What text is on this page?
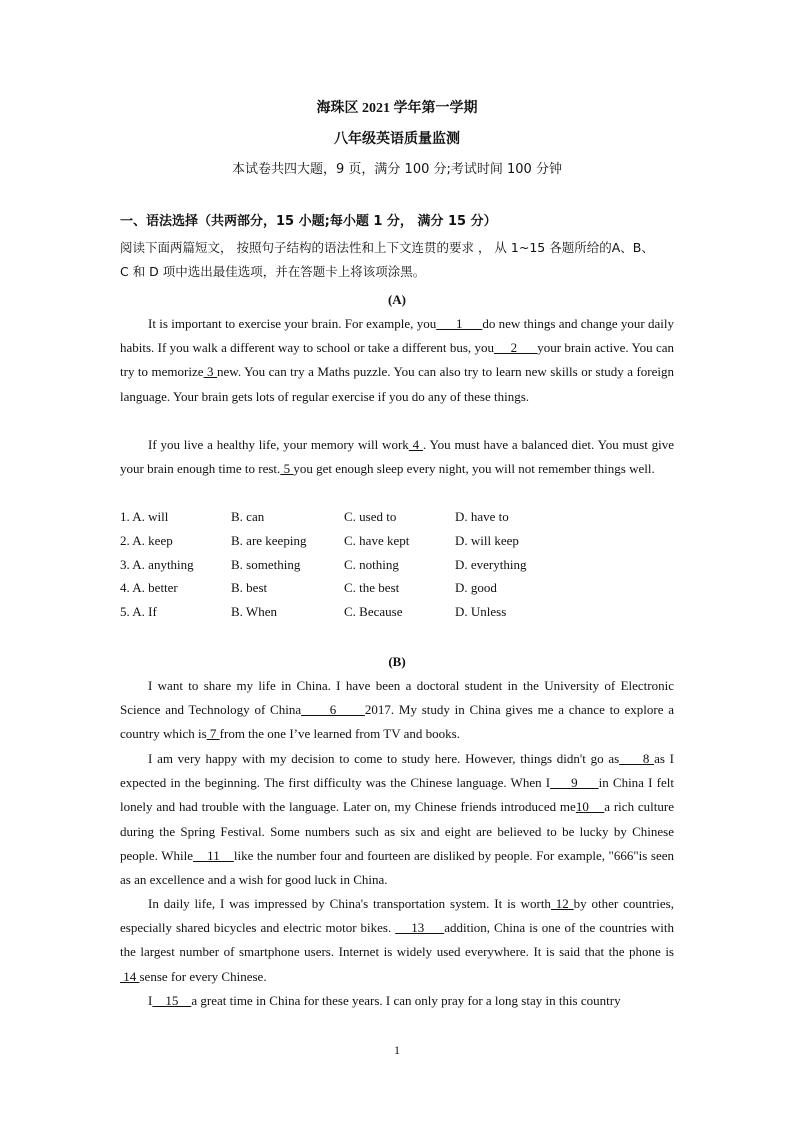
海珠区 2021 学年第一学期
八年级英语质量监测
本试卷共四大题，9 页，满分 100 分;考试时间 100 分钟
一、语法选择（共两部分，15 小题;每小题 1 分， 满分 15 分）
阅读下面两篇短文， 按照句子结构的语法性和上下文连贯的要求 ， 从 1~15 各题所给的A、B、
C 和 D 项中选出最佳选项，并在答题卡上将该项涂黑。
(A)

It is important to exercise your brain. For example, you      1      do new things and change your daily habits. If you walk a different way to school or take a different bus, you     2      your brain active. You can try to memorize 3 new. You can try a Maths puzzle. You can also try to learn new skills or study a foreign language. Your brain gets lots of regular exercise if you do any of these things.

If you live a healthy life, your memory will work 4 . You must have a balanced diet. You must give your brain enough time to rest. 5 you get enough sleep every night, you will not remember things well.

1. A. will	B. can	C. used to	D. have to
2. A. keep	B. are keeping	C. have kept	D. will keep
3. A. anything	B. something	C. nothing	D. everything
4. A. better	B. best	C. the best	D. good
5. A. If	B. When	C. Because	D. Unless
(B)

I want to share my life in China. I have been a doctoral student in the University of Electronic Science and Technology of China      6      2017. My study in China gives me a chance to explore a country which is 7 from the one I’ve learned from TV and books.

I am very happy with my decision to come to study here. However, things didn't go as     8 as I expected in the beginning. The first difficulty was the Chinese language. When I     9     in China I felt lonely and had trouble with the language. Later on, my Chinese friends introduced me10    a rich culture during the Spring Festival. Some numbers such as six and eight are believed to be lucky by Chinese people. While    11    like the number four and fourteen are disliked by people. For example, "666"is seen as an excellence and a wish for good luck in China.

In daily life, I was impressed by China's transportation system. It is worth 12 by other countries, especially shared bicycles and electric motor bikes.     13     addition, China is one of the countries with the largest number of smartphone users. Internet is widely used everywhere. It is said that the phone is 14 sense for every Chinese.

I    15    a great time in China for these years. I can only pray for a long stay in this country

1
